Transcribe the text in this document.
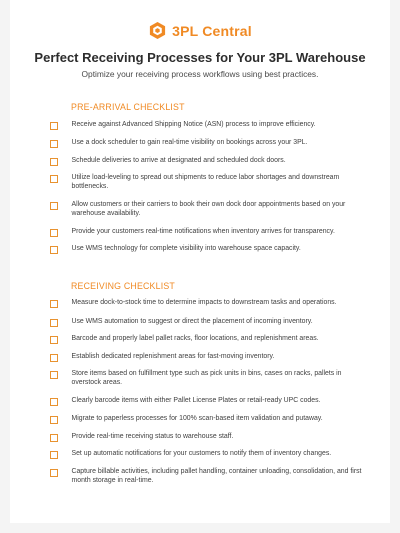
3PL Central
Perfect Receiving Processes for Your 3PL Warehouse
Optimize your receiving process workflows using best practices.
PRE-ARRIVAL CHECKLIST
Receive against Advanced Shipping Notice (ASN) process to improve efficiency.
Use a dock scheduler to gain real-time visibility on bookings across your 3PL.
Schedule deliveries to arrive at designated and scheduled dock doors.
Utilize load-leveling to spread out shipments to reduce labor shortages and downstream bottlenecks.
Allow customers or their carriers to book their own dock door appointments based on your warehouse availability.
Provide your customers real-time notifications when inventory arrives for transparency.
Use WMS technology for complete visibility into warehouse space capacity.
RECEIVING CHECKLIST
Measure dock-to-stock time to determine impacts to downstream tasks and operations.
Use WMS automation to suggest or direct the placement of incoming inventory.
Barcode and properly label pallet racks, floor locations, and replenishment areas.
Establish dedicated replenishment areas for fast-moving inventory.
Store items based on fulfillment type such as pick units in bins, cases on racks, pallets in overstock areas.
Clearly barcode items with either Pallet License Plates or retail-ready UPC codes.
Migrate to paperless processes for 100% scan-based item validation and putaway.
Provide real-time receiving status to warehouse staff.
Set up automatic notifications for your customers to notify them of inventory changes.
Capture billable activities, including pallet handling, container unloading, consolidation, and first month storage in real-time.
